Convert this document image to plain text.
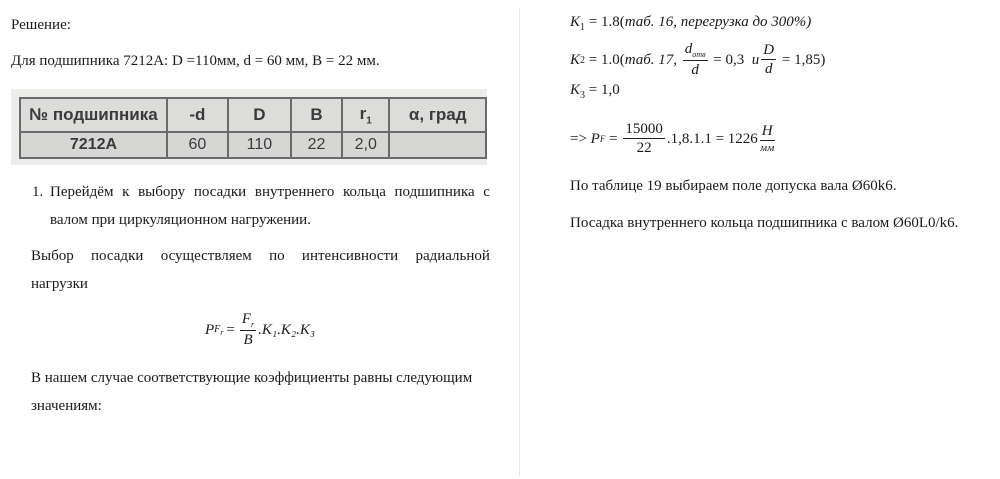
Решение:
Для подшипника 7212А: D =110мм, d = 60 мм, B = 22 мм.
№ подшипника	-d	D	B	$r_1$	α, град
7212А	60	110	22	2,0	
1. Перейдём к выбору посадки внутреннего кольца подшипника с
валом при циркуляционном нагружении.
Выбор посадки осуществляем по интенсивности радиальной
нагрузки
P $F_r = \frac{F_r}{B} .K_1.K_2.K_3$
В нашем случае соответствующие коэффициенты равны следующим
значениям:
$K_1 = 1.8(таб$. 16, перегрузка до 300%)
K 2 = 1.0( таб. 17, $\frac{d_{отв}}{d} = 0,3$ и $\frac{D}{d} = 1,85$)
$K_3 = 1,0$
=> P $F = \frac{15000}{22} .1,8.1.1 = 1226 \frac{Н}{мм}$
По таблице 19 выбираем поле допуска вала Ø60k6.
Посадка внутреннего кольца подшипника с валом Ø60L0/k6.
